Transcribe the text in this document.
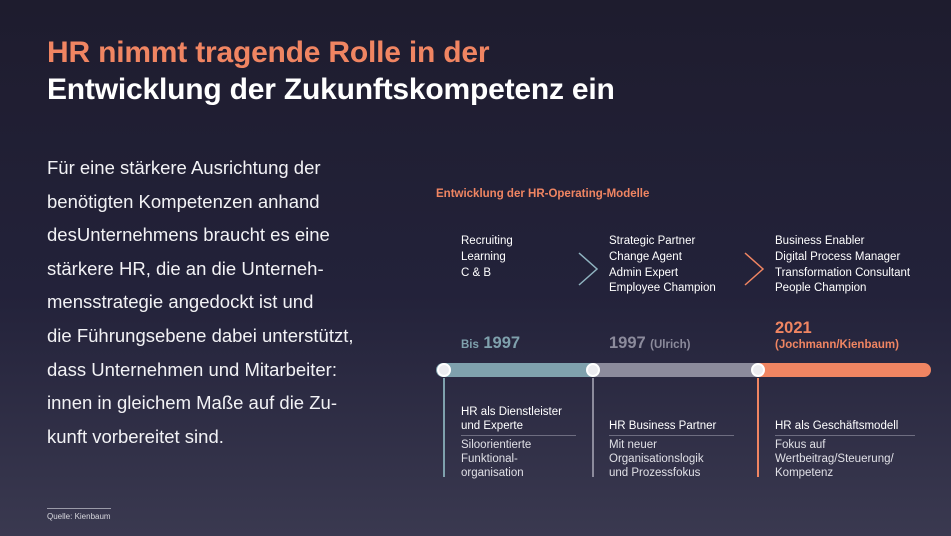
HR nimmt tragende Rolle in der
Entwicklung der Zukunftskompetenz ein
Für eine stärkere Ausrichtung der
benötigten Kompetenzen anhand
desUnternehmens braucht es eine
stärkere HR, die an die Unterneh-
mensstrategie angedockt ist und
die Führungsebene dabei unterstützt,
dass Unternehmen und Mitarbeiter:
innen in gleichem Maße auf die Zu-
kunft vorbereitet sind.
Quelle: Kienbaum
Entwicklung der HR-Operating-Modelle
Recruiting
Learning
C & B
Strategic Partner
Change Agent
Admin Expert
Employee Champion
Business Enabler
Digital Process Manager
Transformation Consultant
People Champion
Bis 1997	1997 (Ulrich)
2021
(Jochmann/Kienbaum)
HR als Dienstleister
und Experte
Siloorientierte
Funktional-
organisation
HR Business Partner
Mit neuer
Organisationslogik
und Prozessfokus
HR als Geschäftsmodell
Fokus auf
Wertbeitrag/Steuerung/
Kompetenz
